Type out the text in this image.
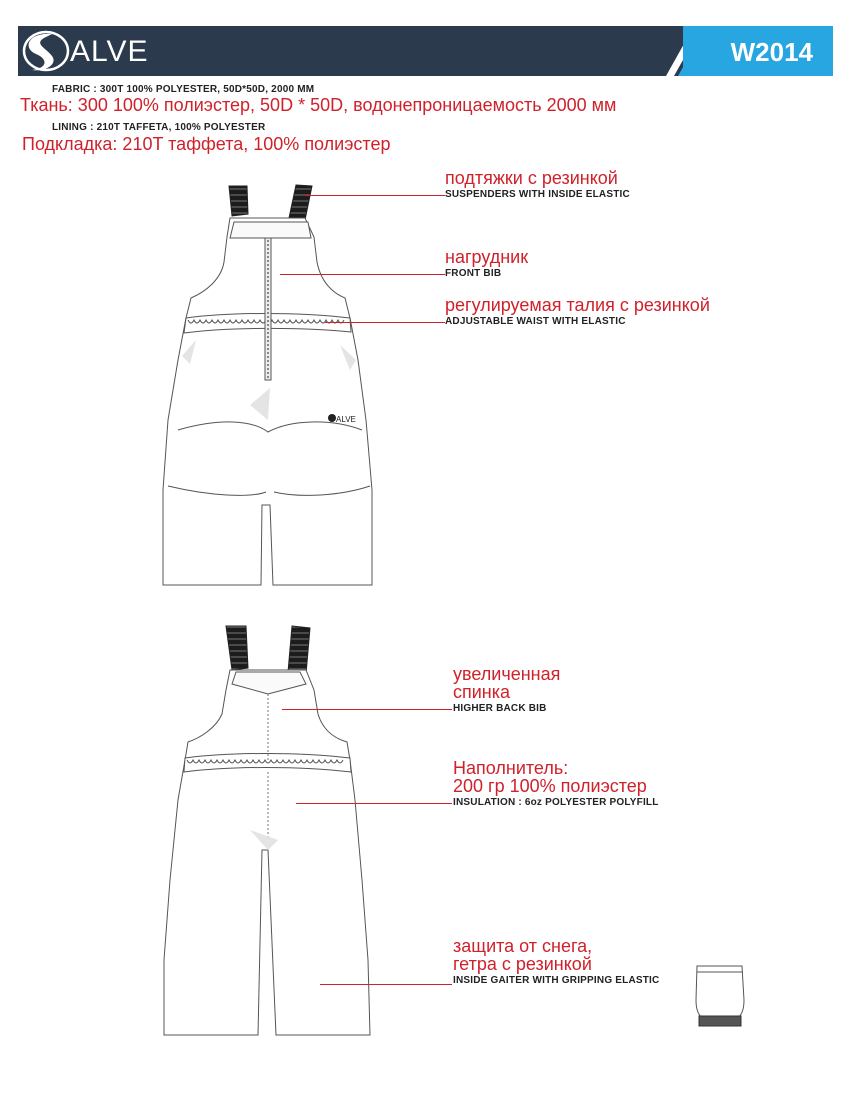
ALVE	W2014
FABRIC : 300T 100% POLYESTER, 50D*50D, 2000 MM
Ткань: 300 100% полиэстер, 50D * 50D, водонепроницаемость 2000 мм
LINING : 210T TAFFETA, 100% POLYESTER
Подкладка: 210T таффета, 100% полиэстер
ALVE
подтяжки с резинкой
SUSPENDERS WITH INSIDE ELASTIC
нагрудник
FRONT BIB
регулируемая талия с резинкой
ADJUSTABLE WAIST WITH ELASTIC
увеличенная
спинка
HIGHER BACK BIB
Наполнитель:
200 гр 100% полиэстер
INSULATION : 6oz POLYESTER POLYFILL
защита от снега,
гетра с резинкой
INSIDE GAITER WITH GRIPPING ELASTIC
